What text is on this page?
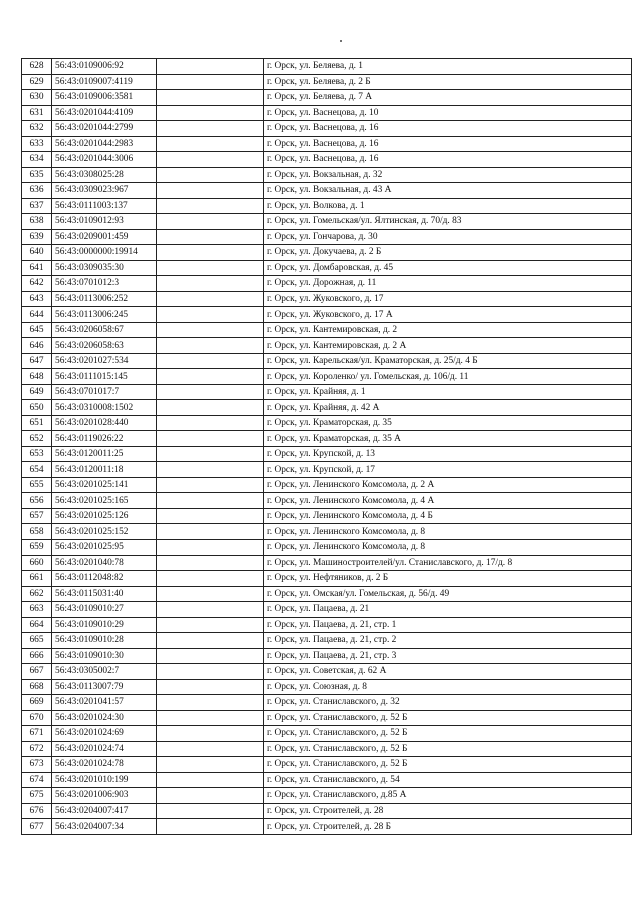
628	56:43:0109006:92		г. Орск, ул. Беляева, д. 1
629	56:43:0109007:4119		г. Орск, ул. Беляева, д. 2 Б
630	56:43:0109006:3581		г. Орск, ул. Беляева, д. 7 А
631	56:43:0201044:4109		г. Орск, ул. Васнецова, д. 10
632	56:43:0201044:2799		г. Орск, ул. Васнецова, д. 16
633	56:43:0201044:2983		г. Орск, ул. Васнецова, д. 16
634	56:43:0201044:3006		г. Орск, ул. Васнецова, д. 16
635	56:43:0308025:28		г. Орск, ул. Вокзальная, д. 32
636	56:43:0309023:967		г. Орск, ул. Вокзальная, д. 43 А
637	56:43:0111003:137		г. Орск, ул. Волкова, д. 1
638	56:43:0109012:93		г. Орск, ул. Гомельская/ул. Ялтинская, д. 70/д. 83
639	56:43:0209001:459		г. Орск, ул. Гончарова, д. 30
640	56:43:0000000:19914		г. Орск, ул. Докучаева, д. 2 Б
641	56:43:0309035:30		г. Орск, ул. Домбаровская, д. 45
642	56:43:0701012:3		г. Орск, ул. Дорожная, д. 11
643	56:43:0113006:252		г. Орск, ул. Жуковского, д. 17
644	56:43:0113006:245		г. Орск, ул. Жуковского, д. 17 А
645	56:43:0206058:67		г. Орск, ул. Кантемировская, д. 2
646	56:43:0206058:63		г. Орск, ул. Кантемировская, д. 2 А
647	56:43:0201027:534		г. Орск, ул. Карельская/ул. Краматорская, д. 25/д. 4 Б
648	56:43:0111015:145		г. Орск, ул. Короленко/ ул. Гомельская, д. 106/д. 11
649	56:43:0701017:7		г. Орск, ул. Крайняя, д. 1
650	56:43:0310008:1502		г. Орск, ул. Крайняя, д. 42 А
651	56:43:0201028:440		г. Орск, ул. Краматорская, д. 35
652	56:43:0119026:22		г. Орск, ул. Краматорская, д. 35 А
653	56:43:0120011:25		г. Орск, ул. Крупской, д. 13
654	56:43:0120011:18		г. Орск, ул. Крупской, д. 17
655	56:43:0201025:141		г. Орск, ул. Ленинского Комсомола, д. 2 А
656	56:43:0201025:165		г. Орск, ул. Ленинского Комсомола, д. 4 А
657	56:43:0201025:126		г. Орск, ул. Ленинского Комсомола, д. 4 Б
658	56:43:0201025:152		г. Орск, ул. Ленинского Комсомола, д. 8
659	56:43:0201025:95		г. Орск, ул. Ленинского Комсомола, д. 8
660	56:43:0201040:78		г. Орск, ул. Машиностроителей/ул. Станиславского, д. 17/д. 8
661	56:43:0112048:82		г. Орск, ул. Нефтяников, д. 2 Б
662	56:43:0115031:40		г. Орск, ул. Омская/ул. Гомельская, д. 56/д. 49
663	56:43:0109010:27		г. Орск, ул. Пацаева, д. 21
664	56:43:0109010:29		г. Орск, ул. Пацаева, д. 21, стр. 1
665	56:43:0109010:28		г. Орск, ул. Пацаева, д. 21, стр. 2
666	56:43:0109010:30		г. Орск, ул. Пацаева, д. 21, стр. 3
667	56:43:0305002:7		г. Орск, ул. Советская, д. 62 А
668	56:43:0113007:79		г. Орск, ул. Союзная, д. 8
669	56:43:0201041:57		г. Орск, ул. Станиславского, д. 32
670	56:43:0201024:30		г. Орск, ул. Станиславского, д. 52 Б
671	56:43:0201024:69		г. Орск, ул. Станиславского, д. 52 Б
672	56:43:0201024:74		г. Орск, ул. Станиславского, д. 52 Б
673	56:43:0201024:78		г. Орск, ул. Станиславского, д. 52 Б
674	56:43:0201010:199		г. Орск, ул. Станиславского, д. 54
675	56:43:0201006:903		г. Орск, ул. Станиславского, д.85 А
676	56:43:0204007:417		г. Орск, ул. Строителей, д. 28
677	56:43:0204007:34		г. Орск, ул. Строителей, д. 28 Б
